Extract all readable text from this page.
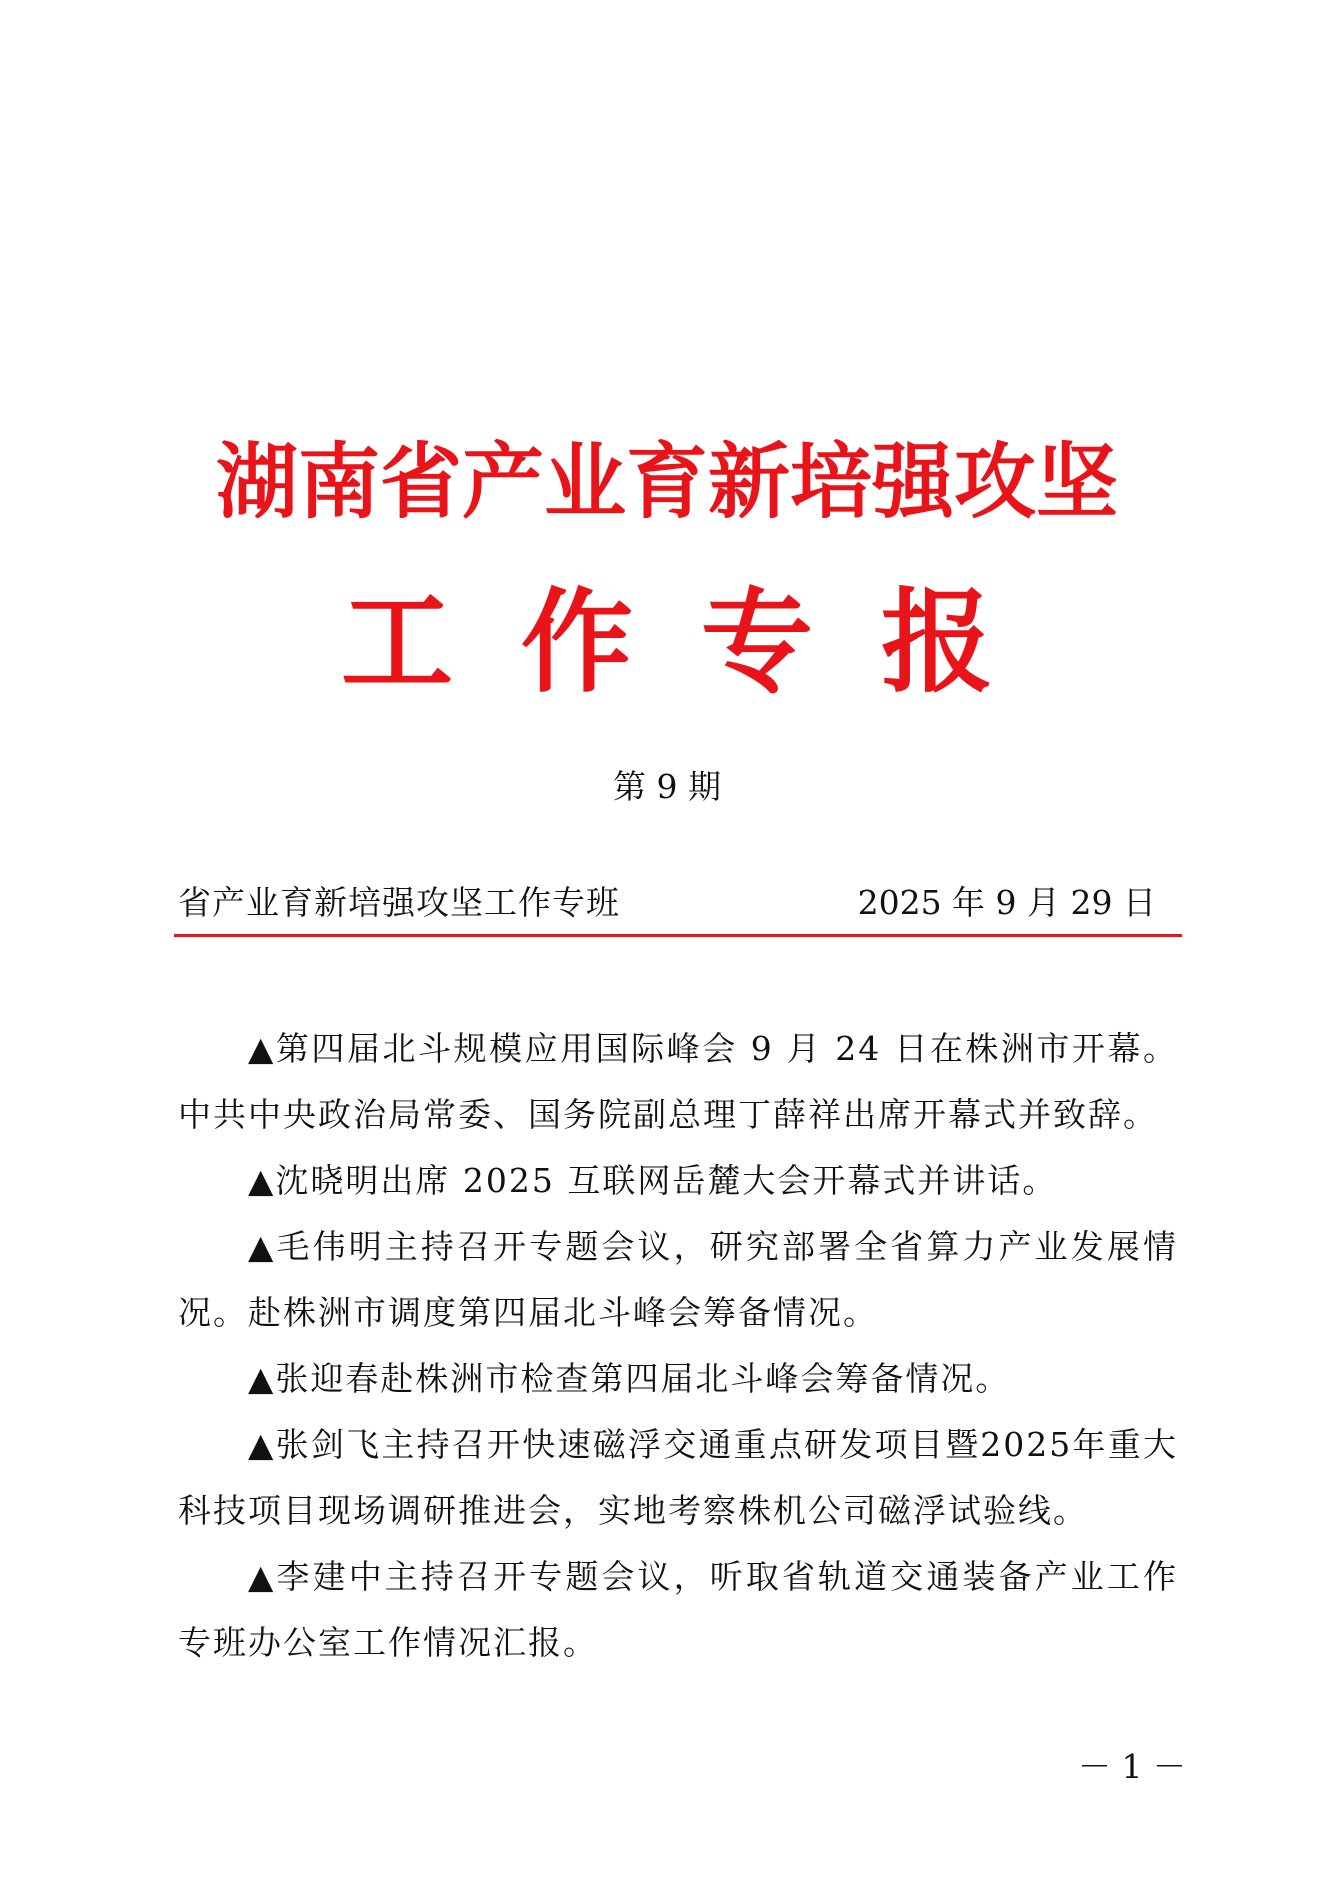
湖南省产业育新培强攻坚
工作专报
第 9 期
省产业育新培强攻坚工作专班	2025 年 9 月 29 日

▲第四届北斗规模应用国际峰会 9 月 24 日在株洲市开幕。中共中央政治局常委、国务院副总理丁薛祥出席开幕式并致辞。

▲沈晓明出席 2025 互联网岳麓大会开幕式并讲话。

▲毛伟明主持召开专题会议，研究部署全省算力产业发展情况。赴株洲市调度第四届北斗峰会筹备情况。

▲张迎春赴株洲市检查第四届北斗峰会筹备情况。

▲张剑飞主持召开快速磁浮交通重点研发项目暨2025年重大科技项目现场调研推进会，实地考察株机公司磁浮试验线。

▲李建中主持召开专题会议，听取省轨道交通装备产业工作专班办公室工作情况汇报。

－ 1 －
